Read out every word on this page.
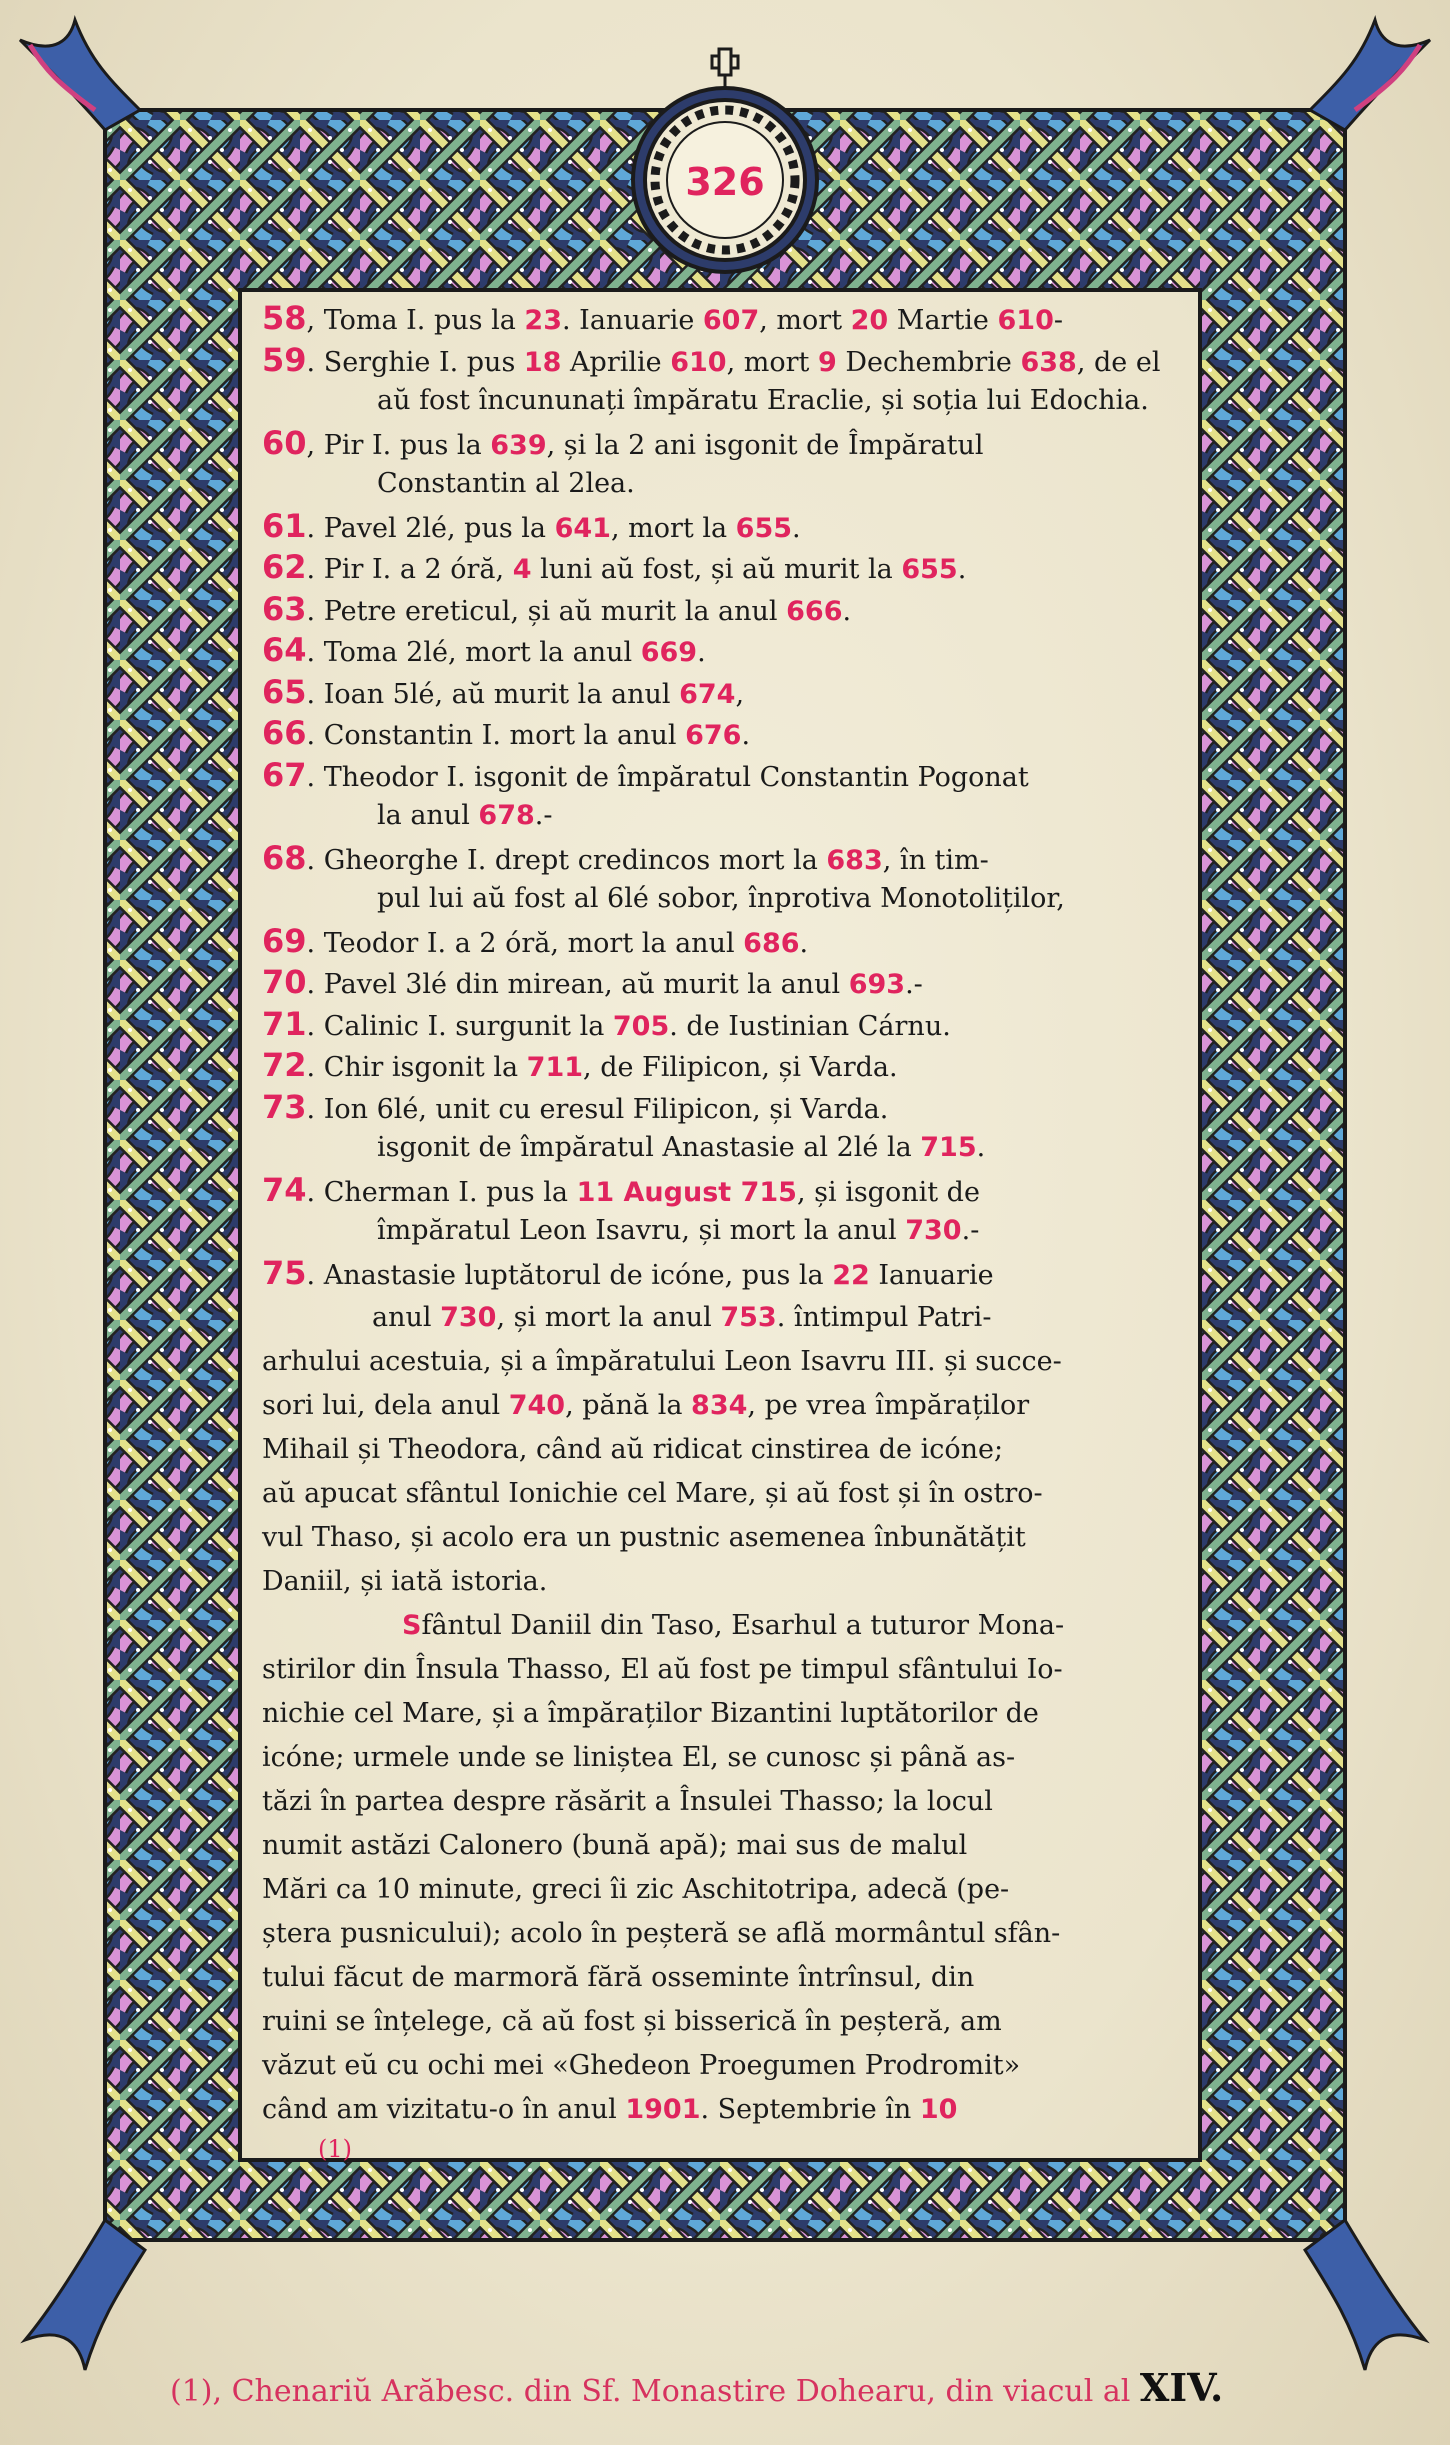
326
58, Toma I. pus la 23. Ianuarie 607, mort 20 Martie 610-
59. Serghie I. pus 18 Aprilie 610, mort 9 Dechembrie 638, de el
aŭ fost încununați împăratu Eraclie, și soția lui Edochia.
60, Pir I. pus la 639, și la 2 ani isgonit de Împăratul
Constantin al 2lea.
61. Pavel 2lé, pus la 641, mort la 655.
62. Pir I. a 2 óră, 4 luni aŭ fost, și aŭ murit la 655.
63. Petre ereticul, și aŭ murit la anul 666.
64. Toma 2lé, mort la anul 669.
65. Ioan 5lé, aŭ murit la anul 674,
66. Constantin I. mort la anul 676.
67. Theodor I. isgonit de împăratul Constantin Pogonat
la anul 678.-
68. Gheorghe I. drept credincos mort la 683, în tim-
pul lui aŭ fost al 6lé sobor, înprotiva Monotoliților,
69. Teodor I. a 2 óră, mort la anul 686.
70. Pavel 3lé din mirean, aŭ murit la anul 693.-
71. Calinic I. surgunit la 705. de Iustinian Cárnu.
72. Chir isgonit la 711, de Filipicon, și Varda.
73. Ion 6lé, unit cu eresul Filipicon, și Varda.
isgonit de împăratul Anastasie al 2lé la 715.
74. Cherman I. pus la 11 August 715, și isgonit de
împăratul Leon Isavru, și mort la anul 730.-
75. Anastasie luptătorul de icóne, pus la 22 Ianuarie
anul 730, și mort la anul 753. întimpul Patri-
arhului acestuia, și a împăratului Leon Isavru III. și succe-
sori lui, dela anul 740, pănă la 834, pe vrea împăraților
Mihail și Theodora, când aŭ ridicat cinstirea de icóne;
aŭ apucat sfântul Ionichie cel Mare, și aŭ fost și în ostro-
vul Thaso, și acolo era un pustnic asemenea înbunătățit
Daniil, și iată istoria.
Sfântul Daniil din Taso, Esarhul a tuturor Mona-
stirilor din Însula Thasso, El aŭ fost pe timpul sfântului Io-
nichie cel Mare, și a împăraților Bizantini luptătorilor de
icóne; urmele unde se liniștea El, se cunosc și până as-
tăzi în partea despre răsărit a Însulei Thasso; la locul
numit astăzi Calonero (bună apă); mai sus de malul
Mări ca 10 minute, greci îi zic Aschitotripa, adecă (pe-
ștera pusnicului); acolo în peșteră se află mormântul sfân-
tului făcut de marmoră fără osseminte întrînsul, din
ruini se înțelege, că aŭ fost și bisserică în peșteră, am
văzut eŭ cu ochi mei «Ghedeon Proegumen Prodromit»
când am vizitatu-o în anul 1901. Septembrie în 10
(1)
(1), Chenariŭ Arăbesc. din Sf. Monastire Dohearu, din viacul al XIV.
